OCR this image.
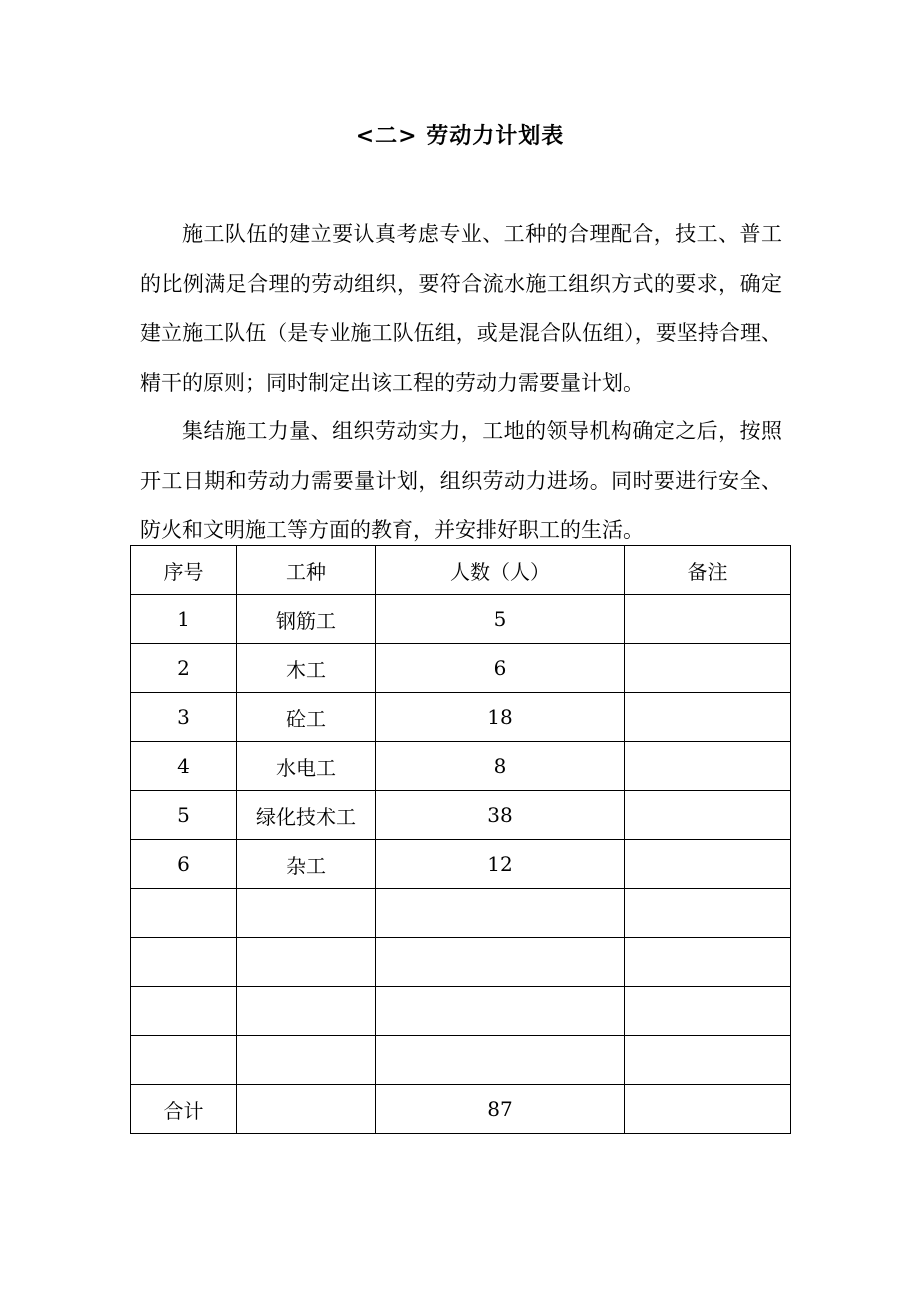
<二> 劳动力计划表

施工队伍的建立要认真考虑专业、工种的合理配合，技工、普工的比例满足合理的劳动组织，要符合流水施工组织方式的要求，确定建立施工队伍（是专业施工队伍组，或是混合队伍组），要坚持合理、精干的原则；同时制定出该工程的劳动力需要量计划。

集结施工力量、组织劳动实力，工地的领导机构确定之后，按照开工日期和劳动力需要量计划，组织劳动力进场。同时要进行安全、防火和文明施工等方面的教育，并安排好职工的生活。

序号	工种	人数（人）	备注
1	钢筋工	5	
2	木工	6	
3	砼工	18	
4	水电工	8	
5	绿化技术工	38	
6	杂工	12	

合计		87	
